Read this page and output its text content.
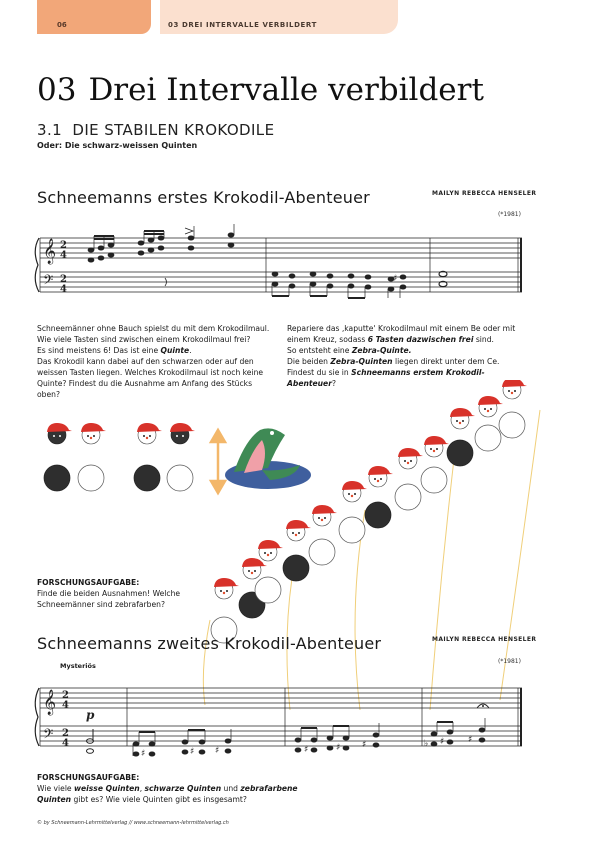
06	03 DREI INTERVALLE VERBILDERT
03 Drei Intervalle verbildert
3.1 DIE STABILEN KROKODILE
Oder: Die schwarz-weissen Quinten
Schneemanns erstes Krokodil-Abenteuer	MAILYN REBECCA HENSELER
(*1981)
𝄞
𝄢
2
4
2
4
♯

Schneemänner ohne Bauch spielst du mit dem Krokodilmaul.

Wie viele Tasten sind zwischen einem Krokodilmaul frei?

Es sind meistens 6! Das ist eine Quinte.

Das Krokodil kann dabei auf den schwarzen oder auf den

weissen Tasten liegen. Welches Krokodilmaul ist noch keine

Quinte? Findest du die Ausnahme am Anfang des Stücks

oben?

Repariere das ‚kaputte' Krokodilmaul mit einem Be oder mit

einem Kreuz, sodass 6 Tasten dazwischen frei sind.

So entsteht eine Zebra-Quinte.

Die beiden Zebra-Quinten liegen direkt unter dem Ce.

Findest du sie in Schneemanns erstem Krokodil-

Abenteuer?

FORSCHUNGSAUFGABE:
Finde die beiden Ausnahmen! Welche
Schneemänner sind zebrafarben?
Schneemanns zweites Krokodil-Abenteuer	MAILYN REBECCA HENSELER
(*1981)
Mysteriös
𝄞
𝄢
2
4
2
4
p
♯	♯ ♯	♯	♯ ♯	♭ ♯	♯
FORSCHUNGSAUFGABE:
Wie viele weisse Quinten, schwarze Quinten und zebrafarbene
Quinten gibt es? Wie viele Quinten gibt es insgesamt?
© by Schneemann-Lehrmittelverlag // www.schneemann-lehrmittelverlag.ch
